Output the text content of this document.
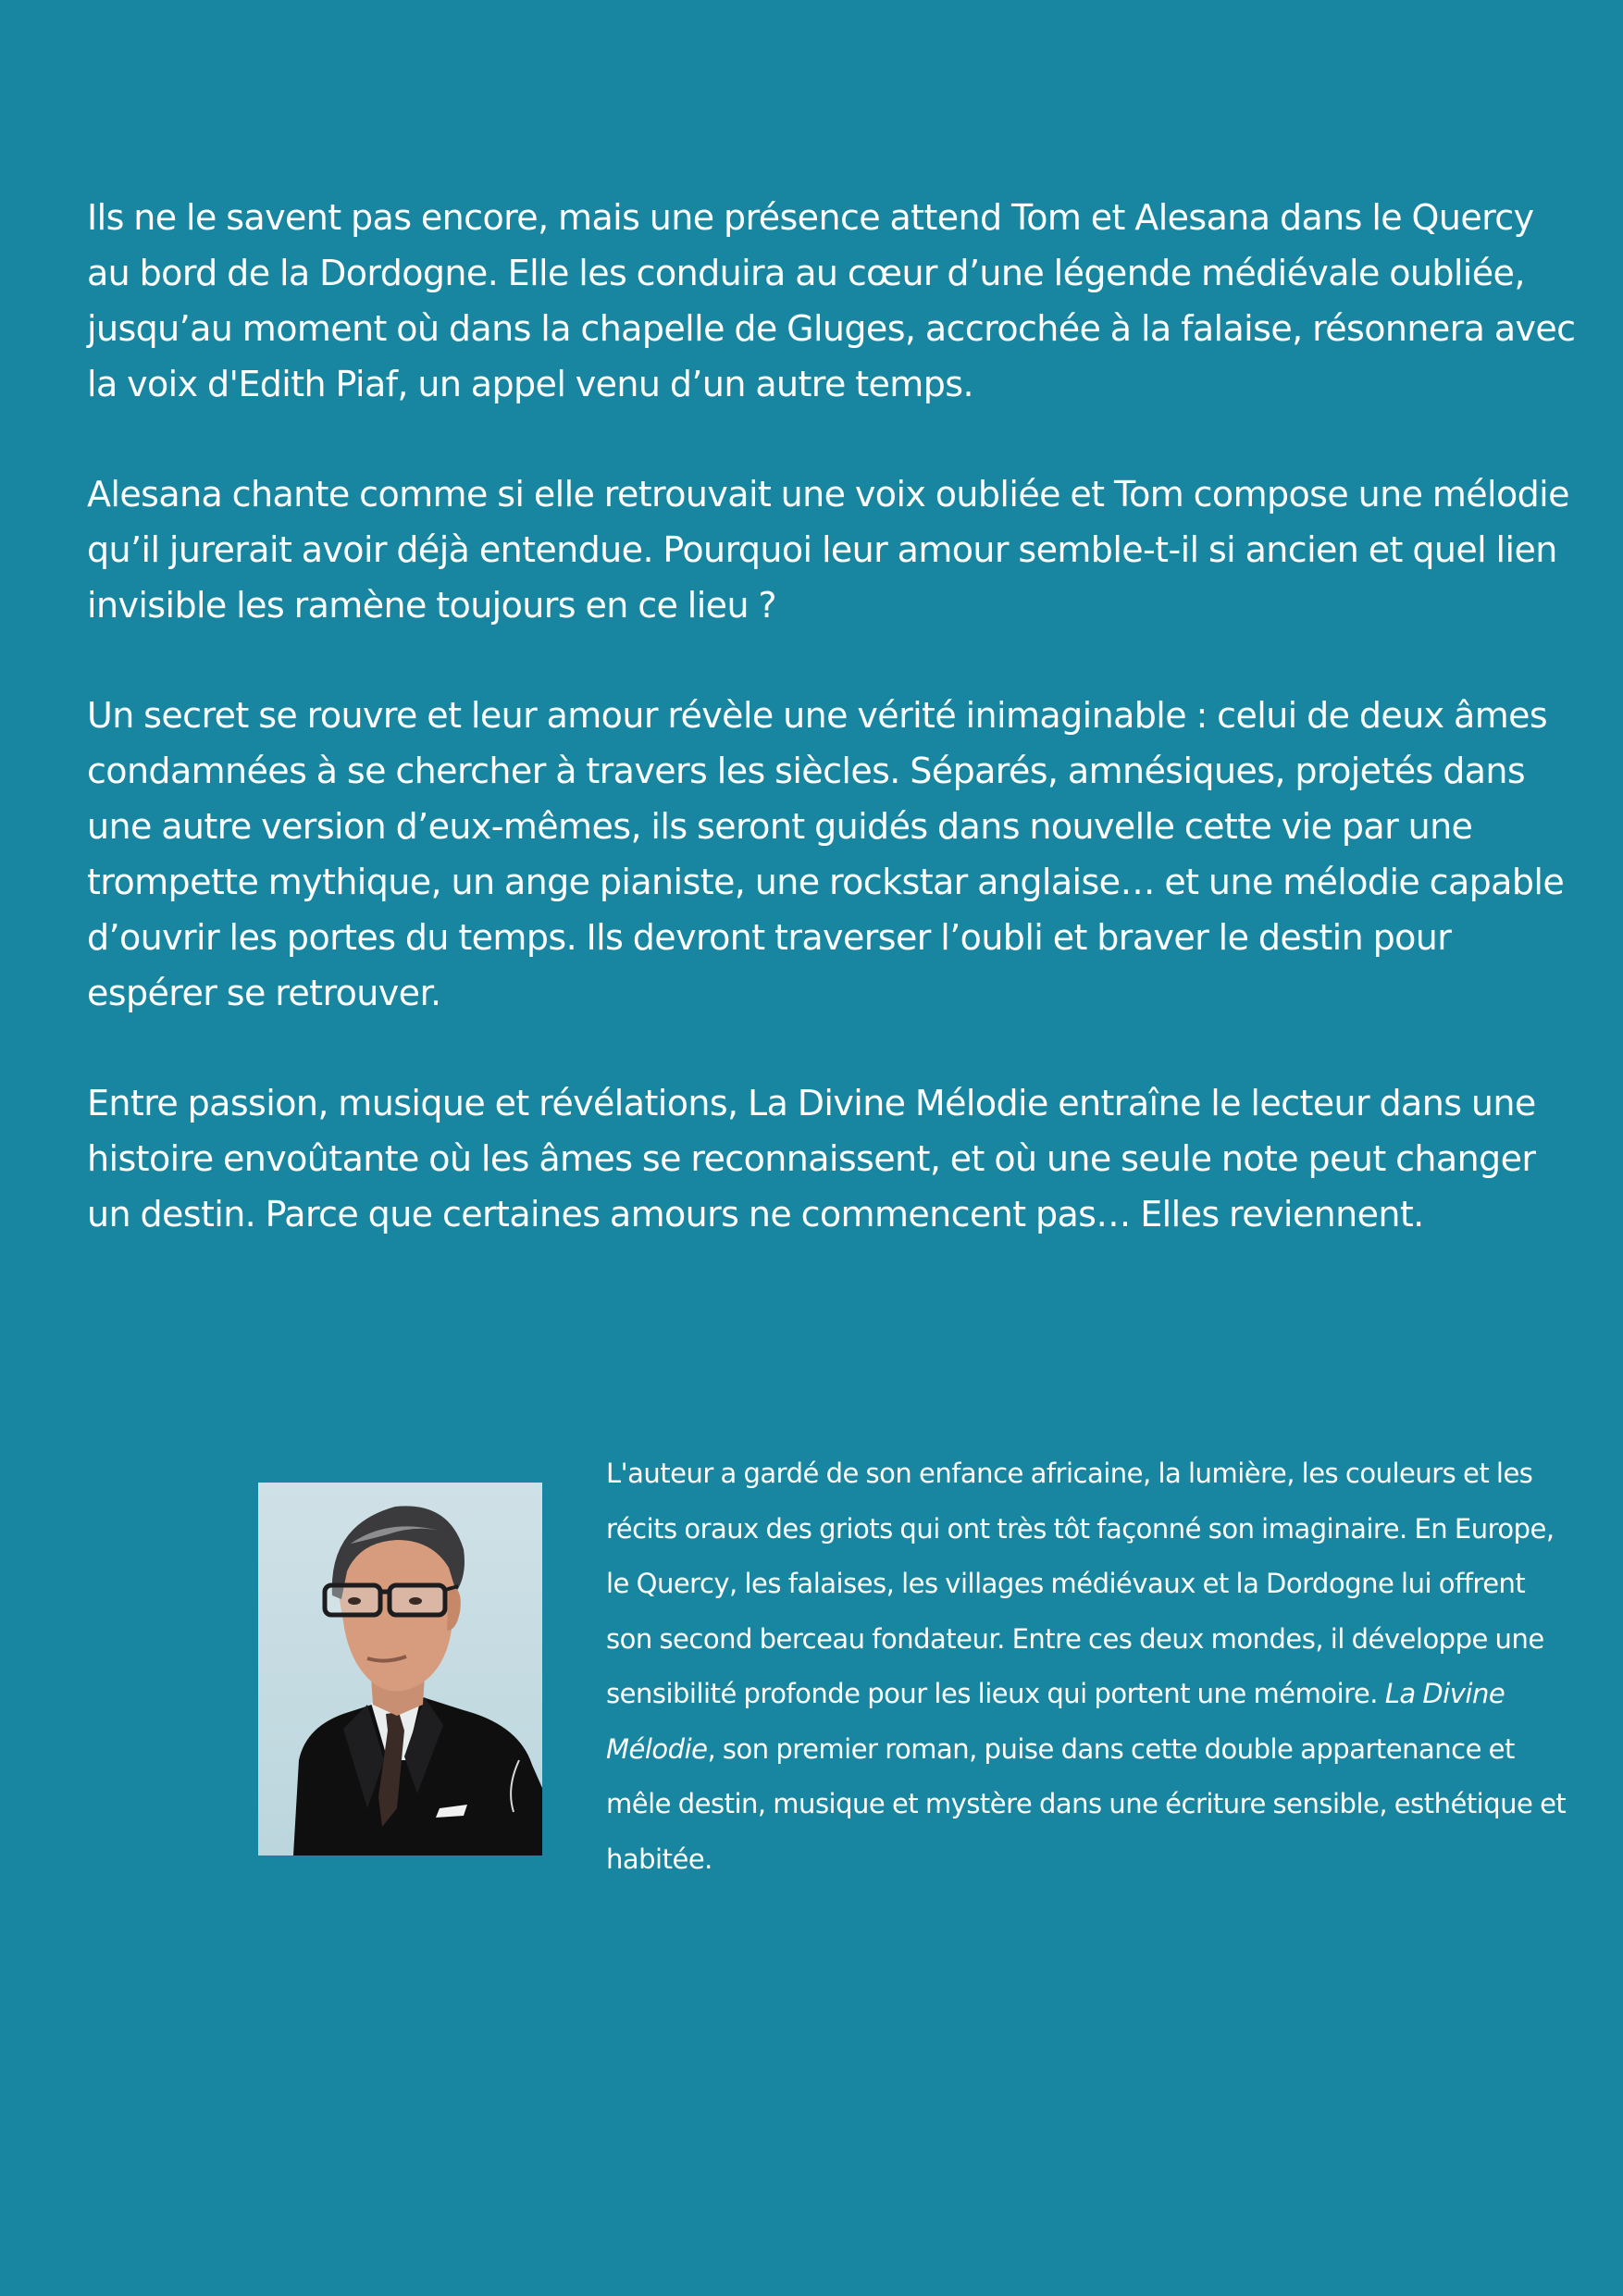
Ils ne le savent pas encore, mais une présence attend Tom et Alesana dans le Quercy au bord de la Dordogne. Elle les conduira au cœur d’une légende médiévale oubliée, jusqu’au moment où dans la chapelle de Gluges, accrochée à la falaise, résonnera avec la voix d'Edith Piaf, un appel venu d’un autre temps.

Alesana chante comme si elle retrouvait une voix oubliée et Tom compose une mélodie qu’il jurerait avoir déjà entendue. Pourquoi leur amour semble-t-il si ancien et quel lien invisible les ramène toujours en ce lieu ?

Un secret se rouvre et leur amour révèle une vérité inimaginable : celui de deux âmes condamnées à se chercher à travers les siècles. Séparés, amnésiques, projetés dans une autre version d’eux-mêmes, ils seront guidés dans nouvelle cette vie par une trompette mythique, un ange pianiste, une rockstar anglaise… et une mélodie capable d’ouvrir les portes du temps. Ils devront traverser l’oubli et braver le destin pour espérer se retrouver.

Entre passion, musique et révélations, La Divine Mélodie entraîne le lecteur dans une histoire envoûtante où les âmes se reconnaissent, et où une seule note peut changer un destin. Parce que certaines amours ne commencent pas… Elles reviennent.

L'auteur a gardé de son enfance africaine, la lumière, les couleurs et les récits oraux des griots qui ont très tôt façonné son imaginaire. En Europe, le Quercy, les falaises, les villages médiévaux et la Dordogne lui offrent son second berceau fondateur. Entre ces deux mondes, il développe une sensibilité profonde pour les lieux qui portent une mémoire. La Divine Mélodie, son premier roman, puise dans cette double appartenance et mêle destin, musique et mystère dans une écriture sensible, esthétique et habitée.
